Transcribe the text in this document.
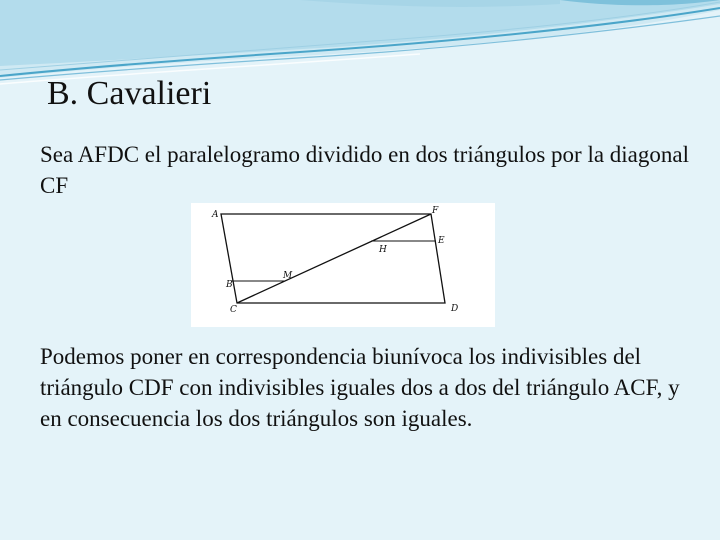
B. Cavalieri

Sea AFDC el paralelogramo dividido en dos triángulos por la diagonal CF

A	F
E
H
M
B
C	D

Podemos poner en correspondencia biunívoca los indivisibles del triángulo CDF con indivisibles iguales dos a dos del triángulo ACF, y en consecuencia los dos triángulos son iguales.
